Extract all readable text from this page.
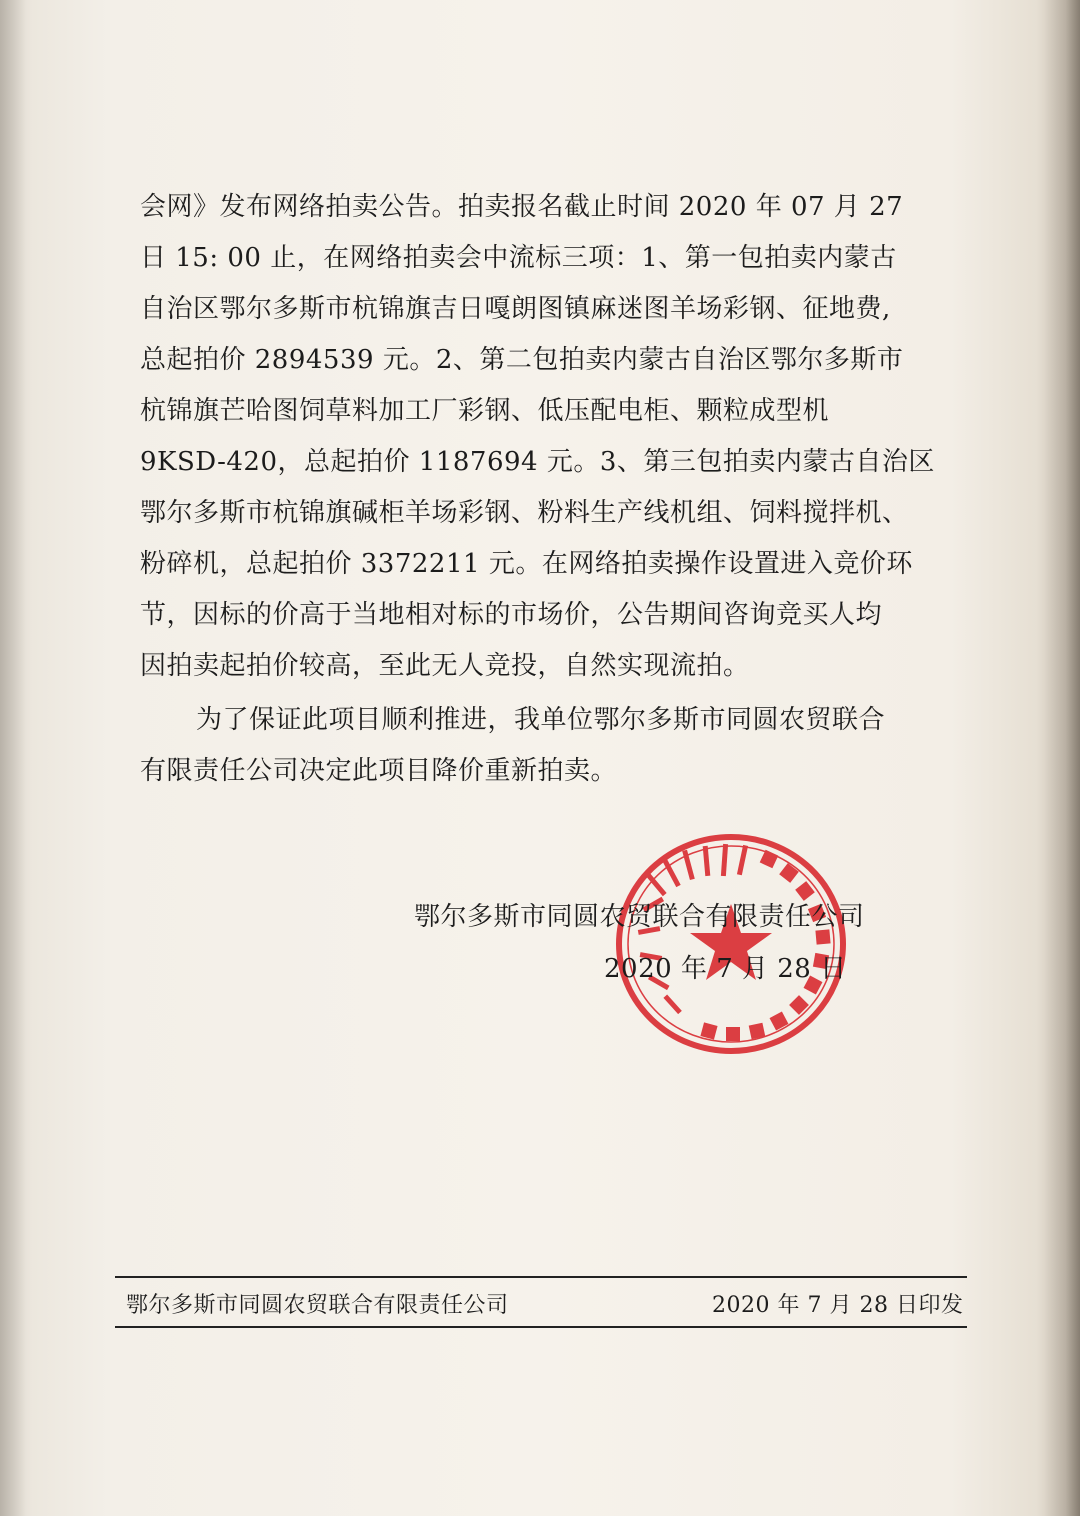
会网》发布网络拍卖公告。拍卖报名截止时间 2020 年 07 月 27
日 15: 00 止，在网络拍卖会中流标三项：1、第一包拍卖内蒙古
自治区鄂尔多斯市杭锦旗吉日嘎朗图镇麻迷图羊场彩钢、征地费,
总起拍价 2894539 元。2、第二包拍卖内蒙古自治区鄂尔多斯市
杭锦旗芒哈图饲草料加工厂彩钢、低压配电柜、颗粒成型机
9KSD-420，总起拍价 1187694 元。3、第三包拍卖内蒙古自治区
鄂尔多斯市杭锦旗碱柜羊场彩钢、粉料生产线机组、饲料搅拌机、
粉碎机，总起拍价 3372211 元。在网络拍卖操作设置进入竞价环
节，因标的价高于当地相对标的市场价，公告期间咨询竞买人均
因拍卖起拍价较高，至此无人竞投，自然实现流拍。
为了保证此项目顺利推进，我单位鄂尔多斯市同圆农贸联合
有限责任公司决定此项目降价重新拍卖。
鄂尔多斯市同圆农贸联合有限责任公司
2020 年 7 月 28 日
鄂尔多斯市同圆农贸联合有限责任公司	2020 年 7 月 28 日印发
